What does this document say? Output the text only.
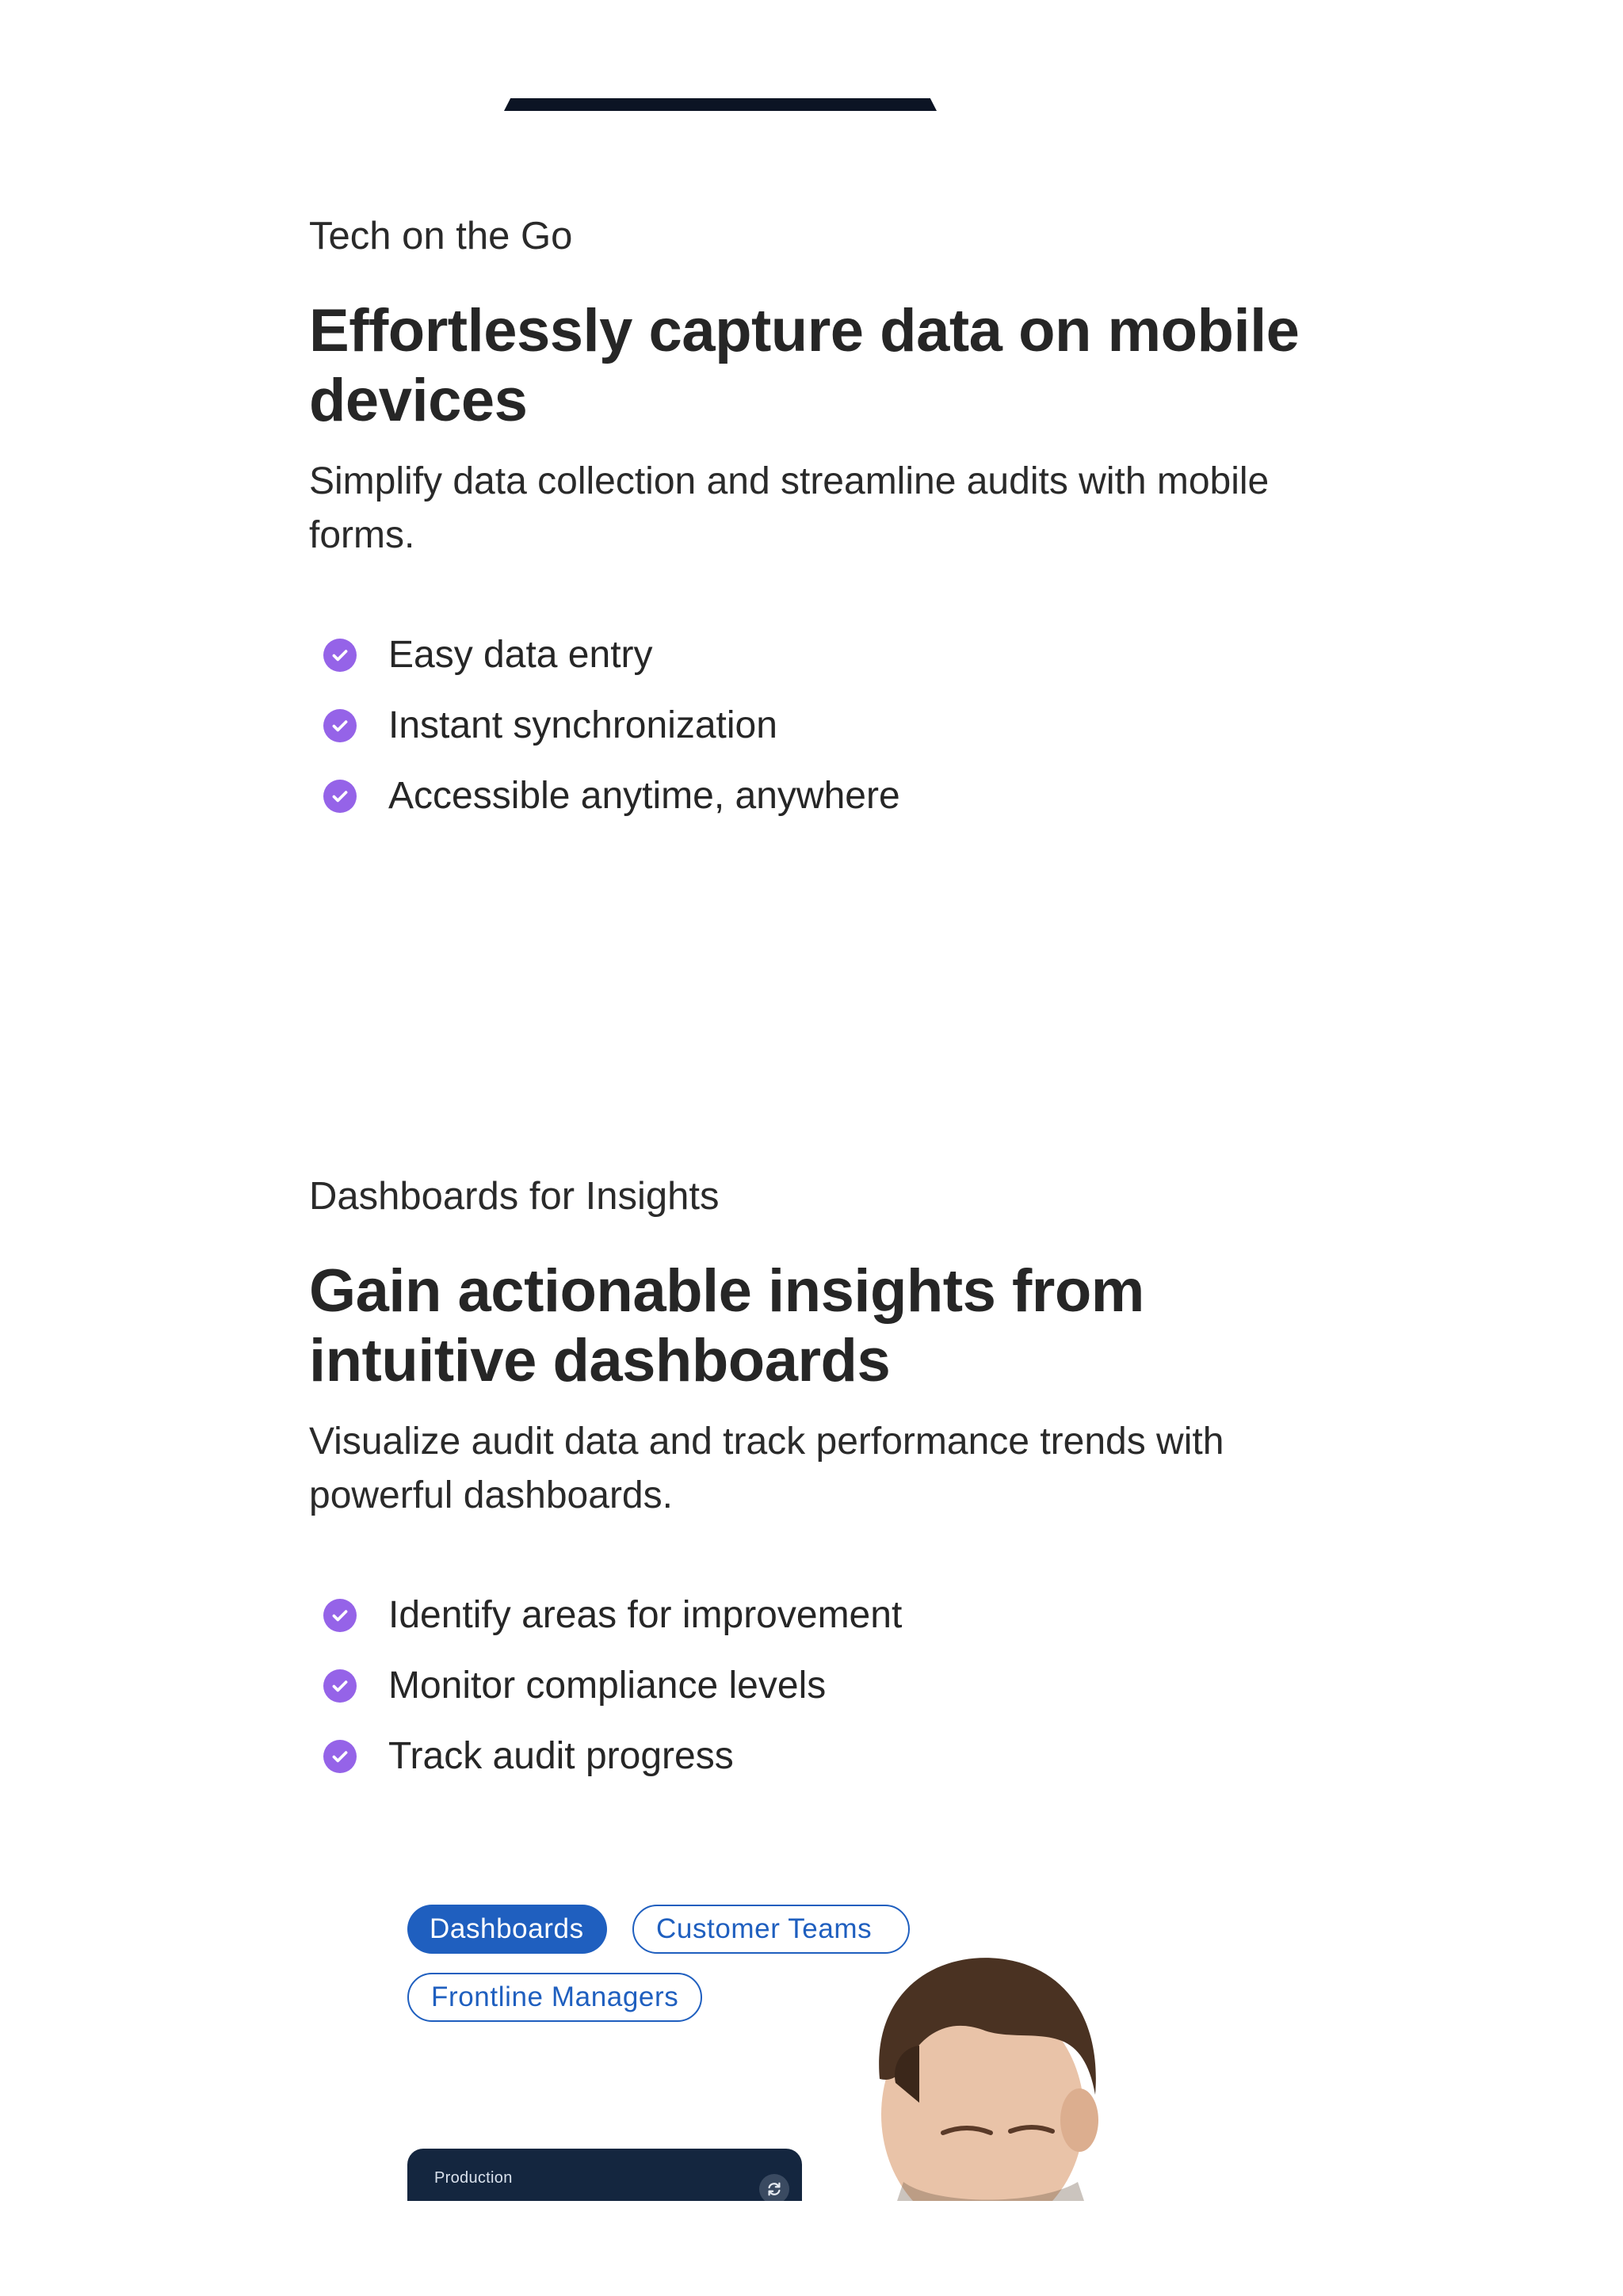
Tech on the Go

Effortlessly capture data on mobile devices

Simplify data collection and streamline audits with mobile forms.

Easy data entry
Instant synchronization
Accessible anytime, anywhere

Dashboards for Insights

Gain actionable insights from intuitive dashboards

Visualize audit data and track performance trends with powerful dashboards.

Identify areas for improvement
Monitor compliance levels
Track audit progress
Dashboards	Customer Teams
Frontline Managers
Production
